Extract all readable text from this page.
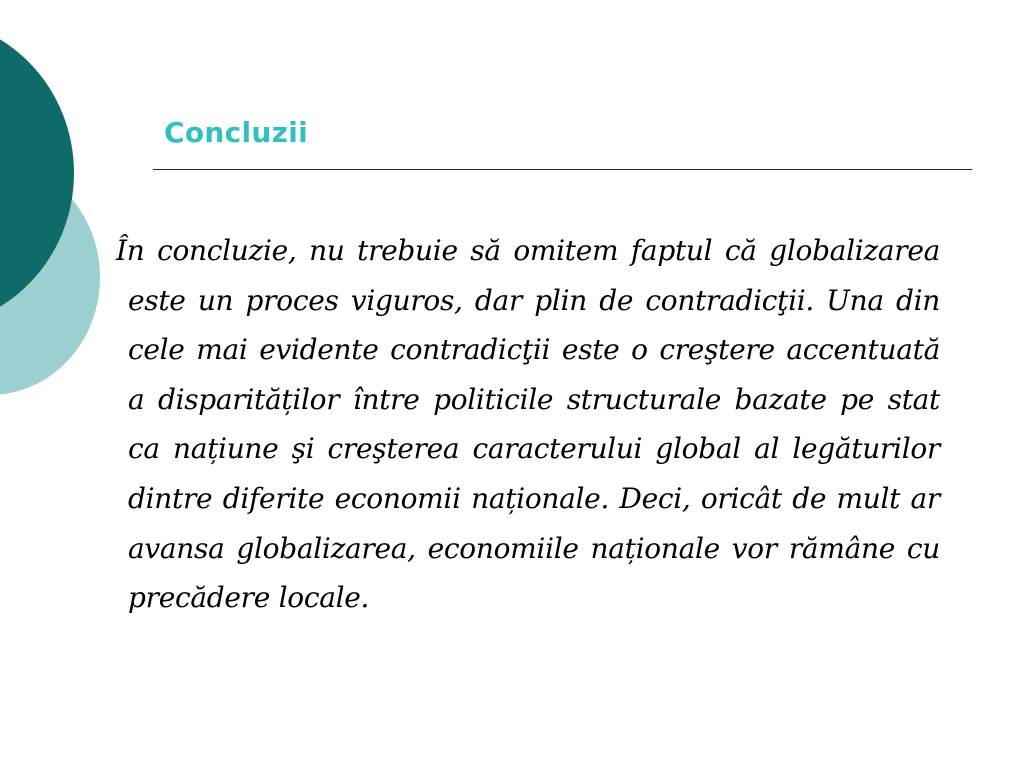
Concluzii

În concluzie, nu trebuie să omitem faptul că globalizarea este un proces viguros, dar plin de contradicţii. Una din cele mai evidente contradicţii este o creştere accentuată a disparităților între politicile structurale bazate pe stat ca națiune şi creşterea caracterului global al legăturilor dintre diferite economii naționale. Deci, oricât de mult ar avansa globalizarea, economiile naționale vor rămâne cu precădere locale.
